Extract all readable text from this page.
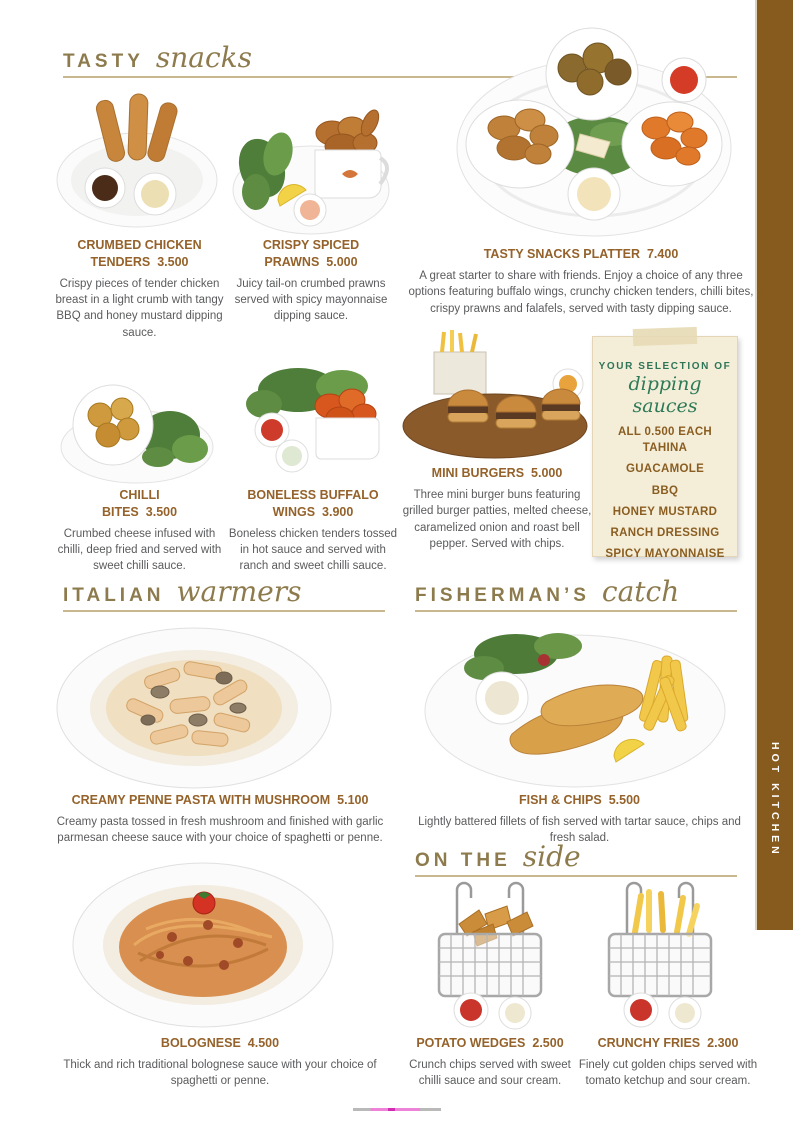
TASTY snacks
ITALIAN warmers	FISHERMAN’S catch
ON THE side
CRUMBED CHICKEN TENDERS 3.500
Crispy pieces of tender chicken breast in a light crumb with tangy BBQ and honey mustard dipping sauce.
CRISPY SPICED PRAWNS 5.000
Juicy tail-on crumbed prawns served with spicy mayonnaise dipping sauce.
TASTY SNACKS PLATTER 7.400
A great starter to share with friends. Enjoy a choice of any three options featuring buffalo wings, crunchy chicken tenders, chilli bites, crispy prawns and falafels, served with tasty dipping sauce.
CHILLI BITES 3.500
Crumbed cheese infused with chilli, deep fried and served with sweet chilli sauce.
BONELESS BUFFALO WINGS 3.900
Boneless chicken tenders tossed in hot sauce and served with ranch and sweet chilli sauce.
MINI BURGERS 5.000
Three mini burger buns featuring grilled burger patties, melted cheese, caramelized onion and roast bell pepper. Served with chips.
CREAMY PENNE PASTA WITH MUSHROOM 5.100
Creamy pasta tossed in fresh mushroom and finished with garlic parmesan cheese sauce with your choice of spaghetti or penne.
FISH & CHIPS 5.500
Lightly battered fillets of fish served with tartar sauce, chips and fresh salad.
BOLOGNESE 4.500
Thick and rich traditional bolognese sauce with your choice of spaghetti or penne.
POTATO WEDGES 2.500
Crunch chips served with sweet chilli sauce and sour cream.
CRUNCHY FRIES 2.300
Finely cut golden chips served with tomato ketchup and sour cream.
YOUR SELECTION OF
dipping sauces
ALL 0.500 EACH
TAHINA
GUACAMOLE
BBQ
HONEY MUSTARD
RANCH DRESSING
SPICY MAYONNAISE
HOT KITCHEN
